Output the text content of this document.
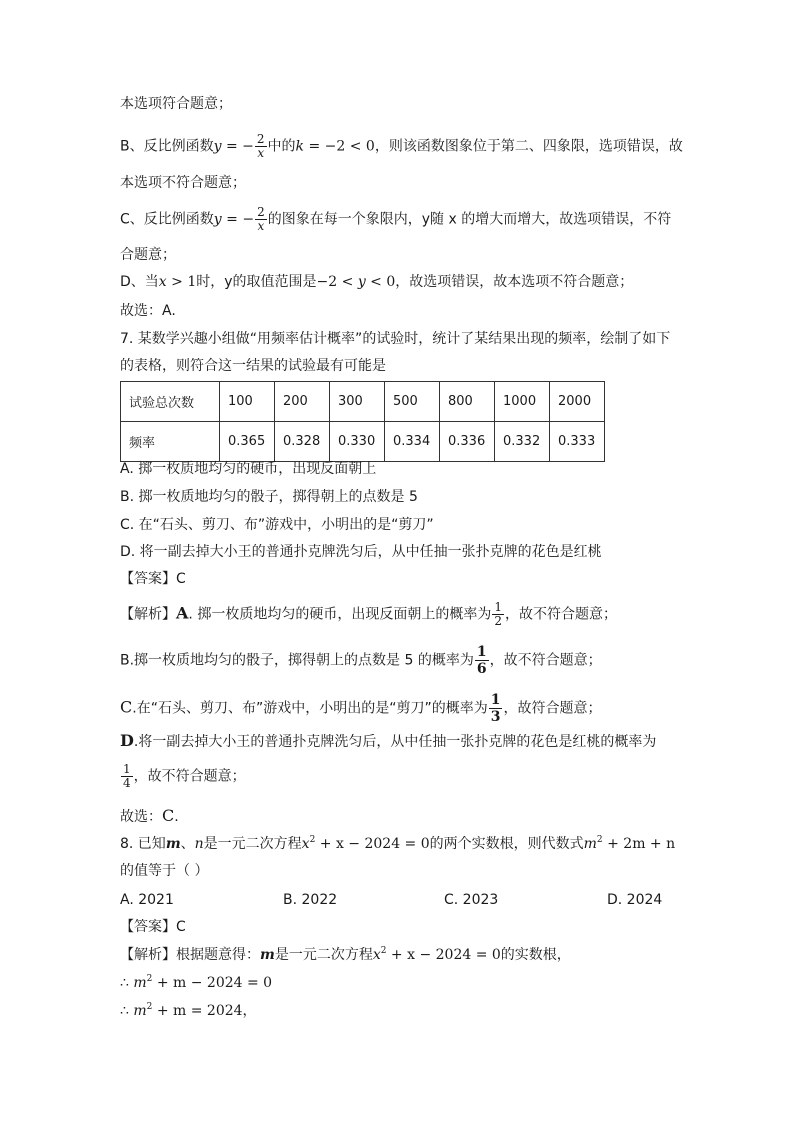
本选项符合题意；
B、反比例函数y = − $\frac{2}{x}$ 中的k = −2 < 0，则该函数图象位于第二、四象限，选项错误，故
本选项不符合题意；
C、反比例函数y = − $\frac{2}{x}$ 的图象在每一个象限内，y随 x 的增大而增大，故选项错误，不符
合题意；
D、当x > 1时，y的取值范围是−2 < y < 0，故选项错误，故本选项不符合题意；
故选：A.
7. 某数学兴趣小组做“用频率估计概率”的试验时，统计了某结果出现的频率，绘制了如下
的表格，则符合这一结果的试验最有可能是
试验总次数	100	200	300	500	800	1000	2000
频率	0.365	0.328	0.330	0.334	0.336	0.332	0.333
A. 掷一枚质地均匀的硬币，出现反面朝上
B. 掷一枚质地均匀的骰子，掷得朝上的点数是 5
C. 在“石头、剪刀、布”游戏中，小明出的是“剪刀”
D. 将一副去掉大小王的普通扑克牌洗匀后，从中任抽一张扑克牌的花色是红桃
【答案】C
【解析】A. 掷一枚质地均匀的硬币，出现反面朝上的概率为 $\frac{1}{2}$ ，故不符合题意；
B.掷一枚质地均匀的骰子，掷得朝上的点数是 5 的概率为 $\frac{1}{6}$ ，故不符合题意；
C.在“石头、剪刀、布”游戏中，小明出的是“剪刀”的概率为 $\frac{1}{3}$ ，故符合题意；
D.将一副去掉大小王的普通扑克牌洗匀后，从中任抽一张扑克牌的花色是红桃的概率为
$\frac{1}{4}$ ，故不符合题意；
故选：C.
8. 已知m、n是一元二次方程$x^2 + x - 2024 = 0$的两个实数根，则代数式$m^2 + 2m + n$
的值等于（ ）
A. 2021	B. 2022	C. 2023	D. 2024
【答案】C
【解析】根据题意得：m是一元二次方程$x^2 + x - 2024 = 0$的实数根，
∴ $m^2 + m - 2024 = 0$
∴ $m^2 + m = 2024$，
